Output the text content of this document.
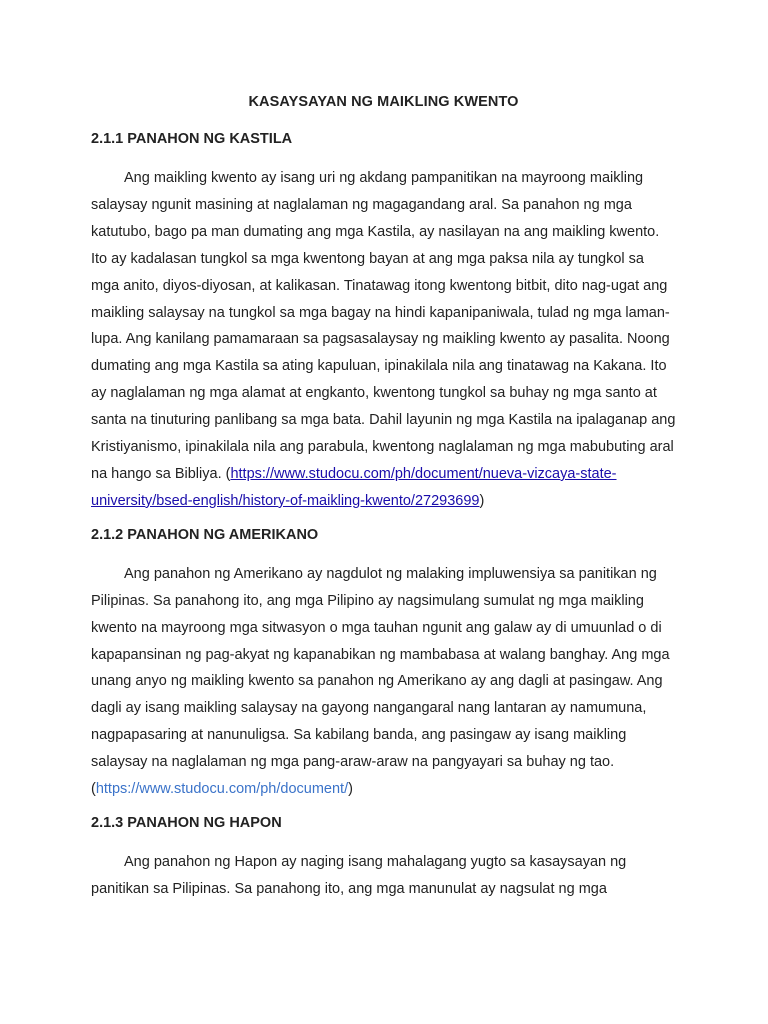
KASAYSAYAN NG MAIKLING KWENTO
2.1.1 PANAHON NG KASTILA

Ang maikling kwento ay isang uri ng akdang pampanitikan na mayroong maikling salaysay ngunit masining at naglalaman ng magagandang aral. Sa panahon ng mga katutubo, bago pa man dumating ang mga Kastila, ay nasilayan na ang maikling kwento. Ito ay kadalasan tungkol sa mga kwentong bayan at ang mga paksa nila ay tungkol sa mga anito, diyos-diyosan, at kalikasan. Tinatawag itong kwentong bitbit, dito nag-ugat ang maikling salaysay na tungkol sa mga bagay na hindi kapanipaniwala, tulad ng mga laman-lupa. Ang kanilang pamamaraan sa pagsasalaysay ng maikling kwento ay pasalita. Noong dumating ang mga Kastila sa ating kapuluan, ipinakilala nila ang tinatawag na Kakana. Ito ay naglalaman ng mga alamat at engkanto, kwentong tungkol sa buhay ng mga santo at santa na tinuturing panlibang sa mga bata. Dahil layunin ng mga Kastila na ipalaganap ang Kristiyanismo, ipinakilala nila ang parabula, kwentong naglalaman ng mga mabubuting aral na hango sa Bibliya. (https://www.studocu.com/ph/document/nueva-vizcaya-state-university/bsed-english/history-of-maikling-kwento/27293699)

2.1.2 PANAHON NG AMERIKANO

Ang panahon ng Amerikano ay nagdulot ng malaking impluwensiya sa panitikan ng Pilipinas. Sa panahong ito, ang mga Pilipino ay nagsimulang sumulat ng mga maikling kwento na mayroong mga sitwasyon o mga tauhan ngunit ang galaw ay di umuunlad o di kapapansinan ng pag-akyat ng kapanabikan ng mambabasa at walang banghay. Ang mga unang anyo ng maikling kwento sa panahon ng Amerikano ay ang dagli at pasingaw. Ang dagli ay isang maikling salaysay na gayong nangangaral nang lantaran ay namumuna, nagpapasaring at nanunuligsa. Sa kabilang banda, ang pasingaw ay isang maikling salaysay na naglalaman ng mga pang-araw-araw na pangyayari sa buhay ng tao. (https://www.studocu.com/ph/document/)

2.1.3 PANAHON NG HAPON

Ang panahon ng Hapon ay naging isang mahalagang yugto sa kasaysayan ng panitikan sa Pilipinas. Sa panahong ito, ang mga manunulat ay nagsulat ng mga
